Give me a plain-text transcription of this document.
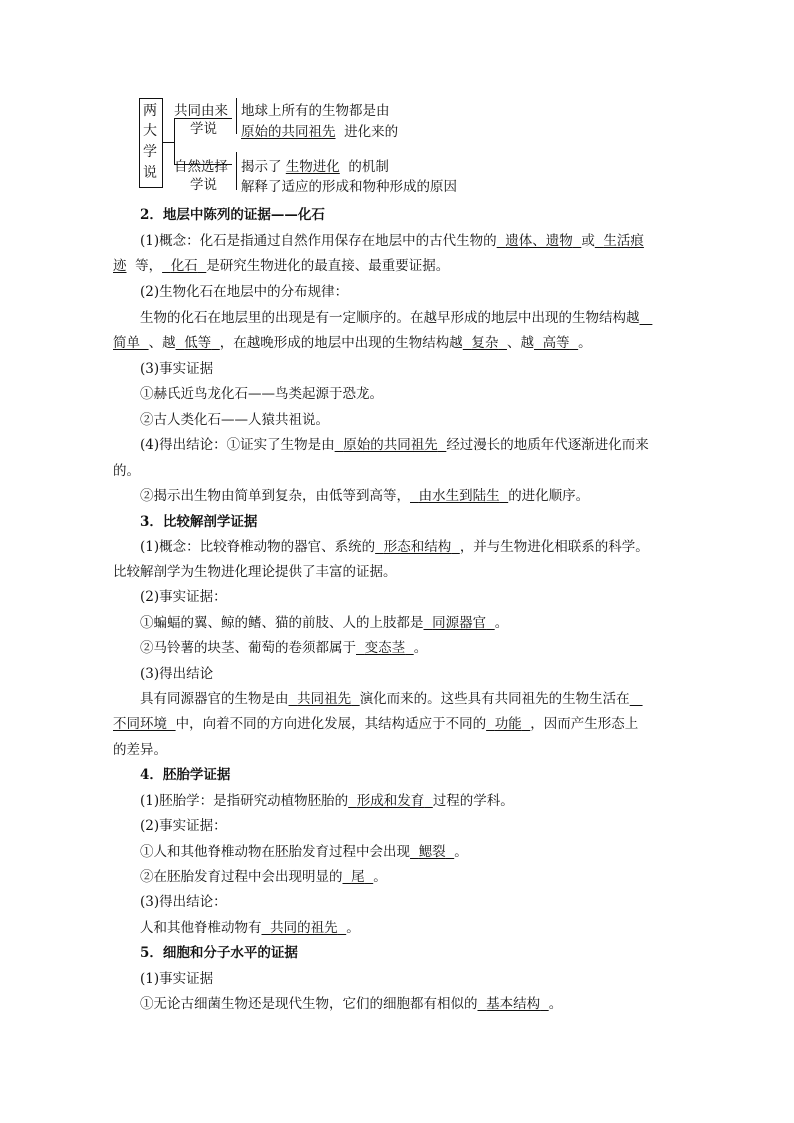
两
大
学
说
共同由来
学说
地球上所有的生物都是由
原始的共同祖先 进化来的
自然选择
学说
揭示了 生物进化 的机制
解释了适应的形成和物种形成的原因
2．地层中陈列的证据——化石
(1)概念：化石是指通过自然作用保存在地层中的古代生物的 遗体、遗物 或 生活痕
迹 等， 化石 是研究生物进化的最直接、最重要证据。
(2)生物化石在地层中的分布规律：
生物的化石在地层里的出现是有一定顺序的。在越早形成的地层中出现的生物结构越
简单 、越 低等 ，在越晚形成的地层中出现的生物结构越 复杂 、越 高等 。
(3)事实证据
①赫氏近鸟龙化石——鸟类起源于恐龙。
②古人类化石——人猿共祖说。
(4)得出结论：①证实了生物是由 原始的共同祖先 经过漫长的地质年代逐渐进化而来
的。
②揭示出生物由简单到复杂，由低等到高等， 由水生到陆生 的进化顺序。
3．比较解剖学证据
(1)概念：比较脊椎动物的器官、系统的 形态和结构 ，并与生物进化相联系的科学。
比较解剖学为生物进化理论提供了丰富的证据。
(2)事实证据：
①蝙蝠的翼、鲸的鳍、猫的前肢、人的上肢都是 同源器官 。
②马铃薯的块茎、葡萄的卷须都属于 变态茎 。
(3)得出结论
具有同源器官的生物是由 共同祖先 演化而来的。这些具有共同祖先的生物生活在
不同环境 中，向着不同的方向进化发展，其结构适应于不同的 功能 ，因而产生形态上
的差异。
4．胚胎学证据
(1)胚胎学：是指研究动植物胚胎的 形成和发育 过程的学科。
(2)事实证据：
①人和其他脊椎动物在胚胎发育过程中会出现 鳃裂 。
②在胚胎发育过程中会出现明显的 尾 。
(3)得出结论：
人和其他脊椎动物有 共同的祖先 。
5．细胞和分子水平的证据
(1)事实证据
①无论古细菌生物还是现代生物，它们的细胞都有相似的 基本结构 。
